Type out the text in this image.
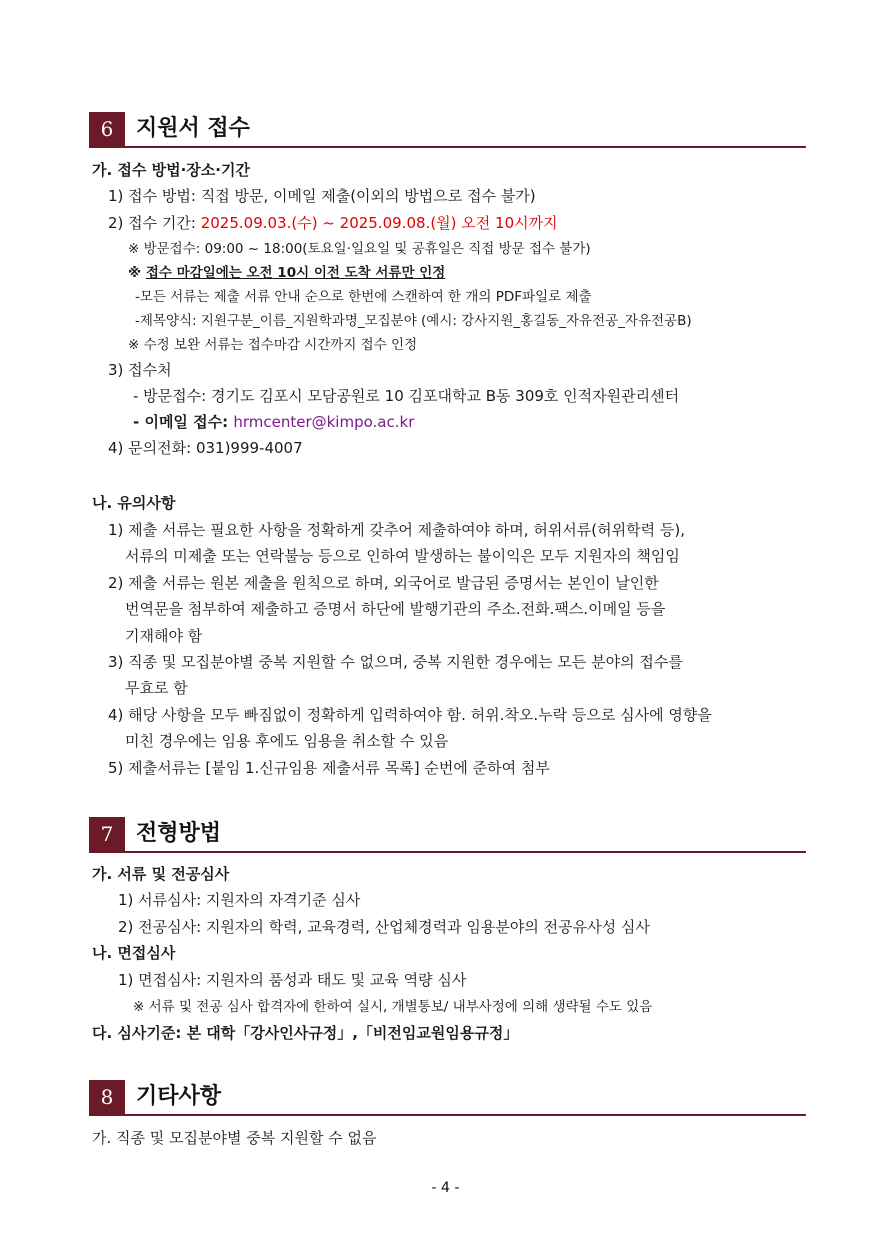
6	지원서 접수
가. 접수 방법·장소·기간
1) 접수 방법: 직접 방문, 이메일 제출(이외의 방법으로 접수 불가)
2) 접수 기간: 2025.09.03.(수) ~ 2025.09.08.(월) 오전 10시까지
※ 방문접수: 09:00 ~ 18:00(토요일·일요일 및 공휴일은 직접 방문 접수 불가)
※ 접수 마감일에는 오전 10시 이전 도착 서류만 인정
-모든 서류는 제출 서류 안내 순으로 한번에 스캔하여 한 개의 PDF파일로 제출
-제목양식: 지원구분_이름_지원학과명_모집분야 (예시: 강사지원_홍길동_자유전공_자유전공B)
※ 수정 보완 서류는 접수마감 시간까지 접수 인정
3) 접수처
- 방문접수: 경기도 김포시 모담공원로 10 김포대학교 B동 309호 인적자원관리센터
- 이메일 접수: hrmcenter@kimpo.ac.kr
4) 문의전화: 031)999-4007
나. 유의사항
1) 제출 서류는 필요한 사항을 정확하게 갖추어 제출하여야 하며, 허위서류(허위학력 등),
서류의 미제출 또는 연락불능 등으로 인하여 발생하는 불이익은 모두 지원자의 책임임
2) 제출 서류는 원본 제출을 원칙으로 하며, 외국어로 발급된 증명서는 본인이 날인한
번역문을 첨부하여 제출하고 증명서 하단에 발행기관의 주소.전화.팩스.이메일 등을
기재해야 함
3) 직종 및 모집분야별 중복 지원할 수 없으며, 중복 지원한 경우에는 모든 분야의 접수를
무효로 함
4) 해당 사항을 모두 빠짐없이 정확하게 입력하여야 함. 허위.착오.누락 등으로 심사에 영향을
미친 경우에는 임용 후에도 임용을 취소할 수 있음
5) 제출서류는 [붙임 1.신규임용 제출서류 목록] 순번에 준하여 첨부
7	전형방법
가. 서류 및 전공심사
1) 서류심사: 지원자의 자격기준 심사
2) 전공심사: 지원자의 학력, 교육경력, 산업체경력과 임용분야의 전공유사성 심사
나. 면접심사
1) 면접심사: 지원자의 품성과 태도 및 교육 역량 심사
※ 서류 및 전공 심사 합격자에 한하여 실시, 개별통보/ 내부사정에 의해 생략될 수도 있음
다. 심사기준: 본 대학「강사인사규정」,「비전임교원임용규정」
8	기타사항
가. 직종 및 모집분야별 중복 지원할 수 없음
- 4 -
